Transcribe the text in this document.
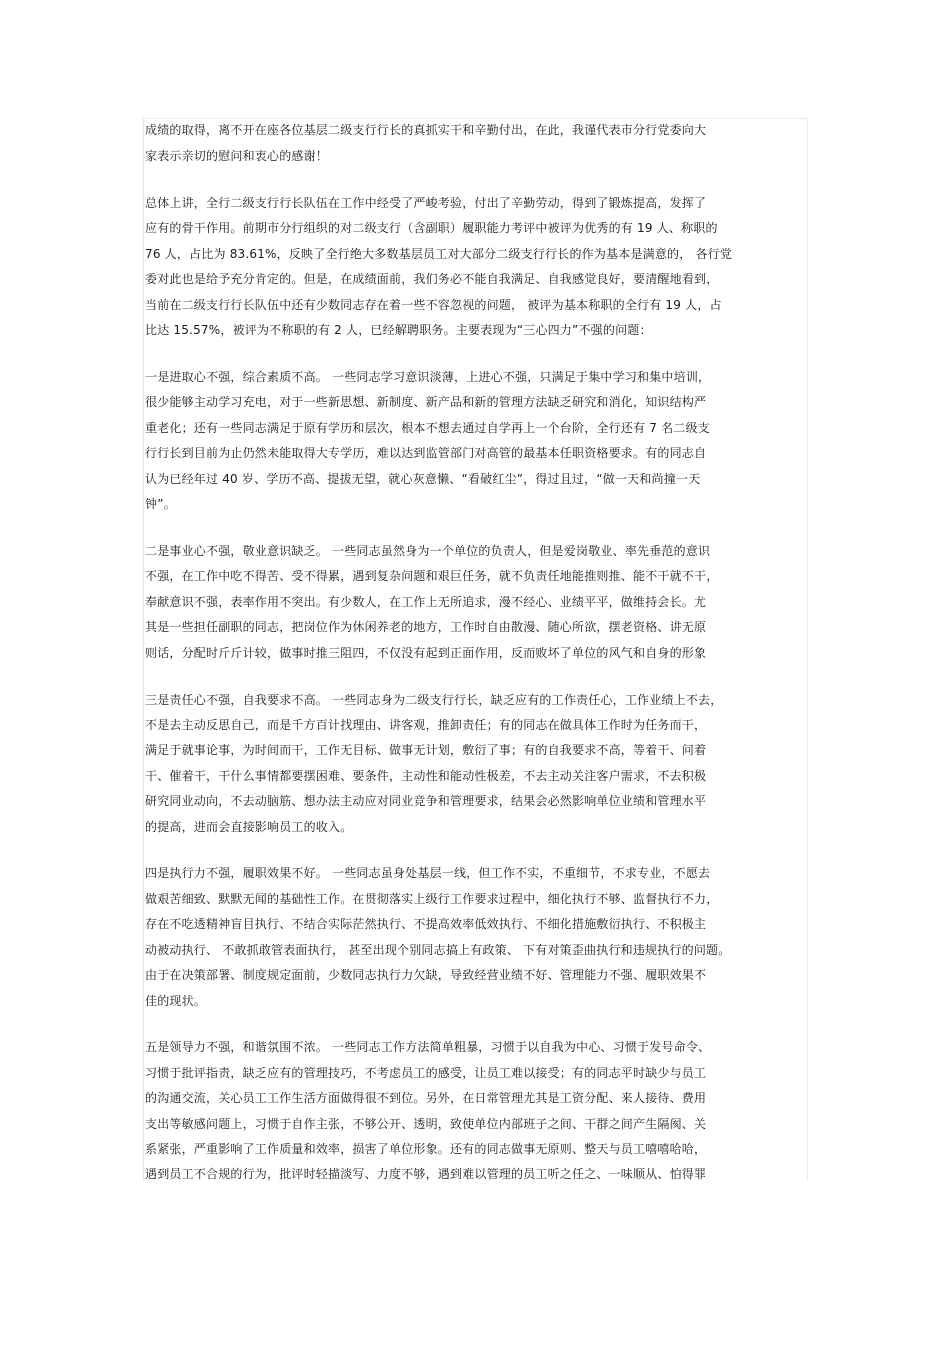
成绩的取得，离不开在座各位基层二级支行行长的真抓实干和辛勤付出，在此，我谨代表市分行党委向大
家表示亲切的慰问和衷心的感谢！
总体上讲，全行二级支行行长队伍在工作中经受了严峻考验，付出了辛勤劳动，得到了锻炼提高，发挥了
应有的骨干作用。前期市分行组织的对二级支行（含副职）履职能力考评中被评为优秀的有 19 人、称职的
76 人，占比为 83.61%，反映了全行绝大多数基层员工对大部分二级支行行长的作为基本是满意的， 各行党
委对此也是给予充分肯定的。但是，在成绩面前，我们务必不能自我满足、自我感觉良好，要清醒地看到，
当前在二级支行行长队伍中还有少数同志存在着一些不容忽视的问题， 被评为基本称职的全行有 19 人，占
比达 15.57%，被评为不称职的有 2 人，已经解聘职务。主要表现为“三心四力”不强的问题：
一是进取心不强，综合素质不高。 一些同志学习意识淡薄，上进心不强，只满足于集中学习和集中培训，
很少能够主动学习充电，对于一些新思想、新制度、新产品和新的管理方法缺乏研究和消化，知识结构严
重老化；还有一些同志满足于原有学历和层次，根本不想去通过自学再上一个台阶，全行还有 7 名二级支
行行长到目前为止仍然未能取得大专学历，难以达到监管部门对高管的最基本任职资格要求。有的同志自
认为已经年过 40 岁、学历不高、提拔无望，就心灰意懒、“看破红尘”，得过且过，“做一天和尚撞一天
钟”。
二是事业心不强，敬业意识缺乏。 一些同志虽然身为一个单位的负责人，但是爱岗敬业、率先垂范的意识
不强，在工作中吃不得苦、受不得累，遇到复杂问题和艰巨任务，就不负责任地能推则推、能不干就不干，
奉献意识不强，表率作用不突出。有少数人，在工作上无所追求，漫不经心、业绩平平，做维持会长。尤
其是一些担任副职的同志，把岗位作为休闲养老的地方，工作时自由散漫、随心所欲，摆老资格、讲无原
则话，分配时斤斤计较，做事时推三阻四，不仅没有起到正面作用，反而败坏了单位的风气和自身的形象
三是责任心不强，自我要求不高。 一些同志身为二级支行行长，缺乏应有的工作责任心，工作业绩上不去，
不是去主动反思自己，而是千方百计找理由、讲客观，推卸责任；有的同志在做具体工作时为任务而干，
满足于就事论事，为时间而干，工作无目标、做事无计划，敷衍了事；有的自我要求不高，等着干、问着
干、催着干，干什么事情都要摆困难、要条件，主动性和能动性极差，不去主动关注客户需求，不去积极
研究同业动向，不去动脑筋、想办法主动应对同业竞争和管理要求，结果会必然影响单位业绩和管理水平
的提高，进而会直接影响员工的收入。
四是执行力不强，履职效果不好。 一些同志虽身处基层一线，但工作不实，不重细节，不求专业，不愿去
做艰苦细致、默默无闻的基础性工作。在贯彻落实上级行工作要求过程中，细化执行不够、监督执行不力，
存在不吃透精神盲目执行、不结合实际茫然执行、不提高效率低效执行、不细化措施敷衍执行、不积极主
动被动执行、 不敢抓敢管表面执行， 甚至出现个别同志搞上有政策、 下有对策歪曲执行和违规执行的问题。
由于在决策部署、制度规定面前，少数同志执行力欠缺，导致经营业绩不好、管理能力不强、履职效果不
佳的现状。
五是领导力不强，和谐氛围不浓。 一些同志工作方法简单粗暴，习惯于以自我为中心、习惯于发号命令、
习惯于批评指责，缺乏应有的管理技巧，不考虑员工的感受，让员工难以接受；有的同志平时缺少与员工
的沟通交流，关心员工工作生活方面做得很不到位。另外，在日常管理尤其是工资分配、来人接待、费用
支出等敏感问题上，习惯于自作主张，不够公开、透明，致使单位内部班子之间、干群之间产生隔阂、关
系紧张，严重影响了工作质量和效率，损害了单位形象。还有的同志做事无原则、整天与员工嘻嘻哈哈，
遇到员工不合规的行为，批评时轻描淡写、力度不够，遇到难以管理的员工听之任之、一味顺从、怕得罪
